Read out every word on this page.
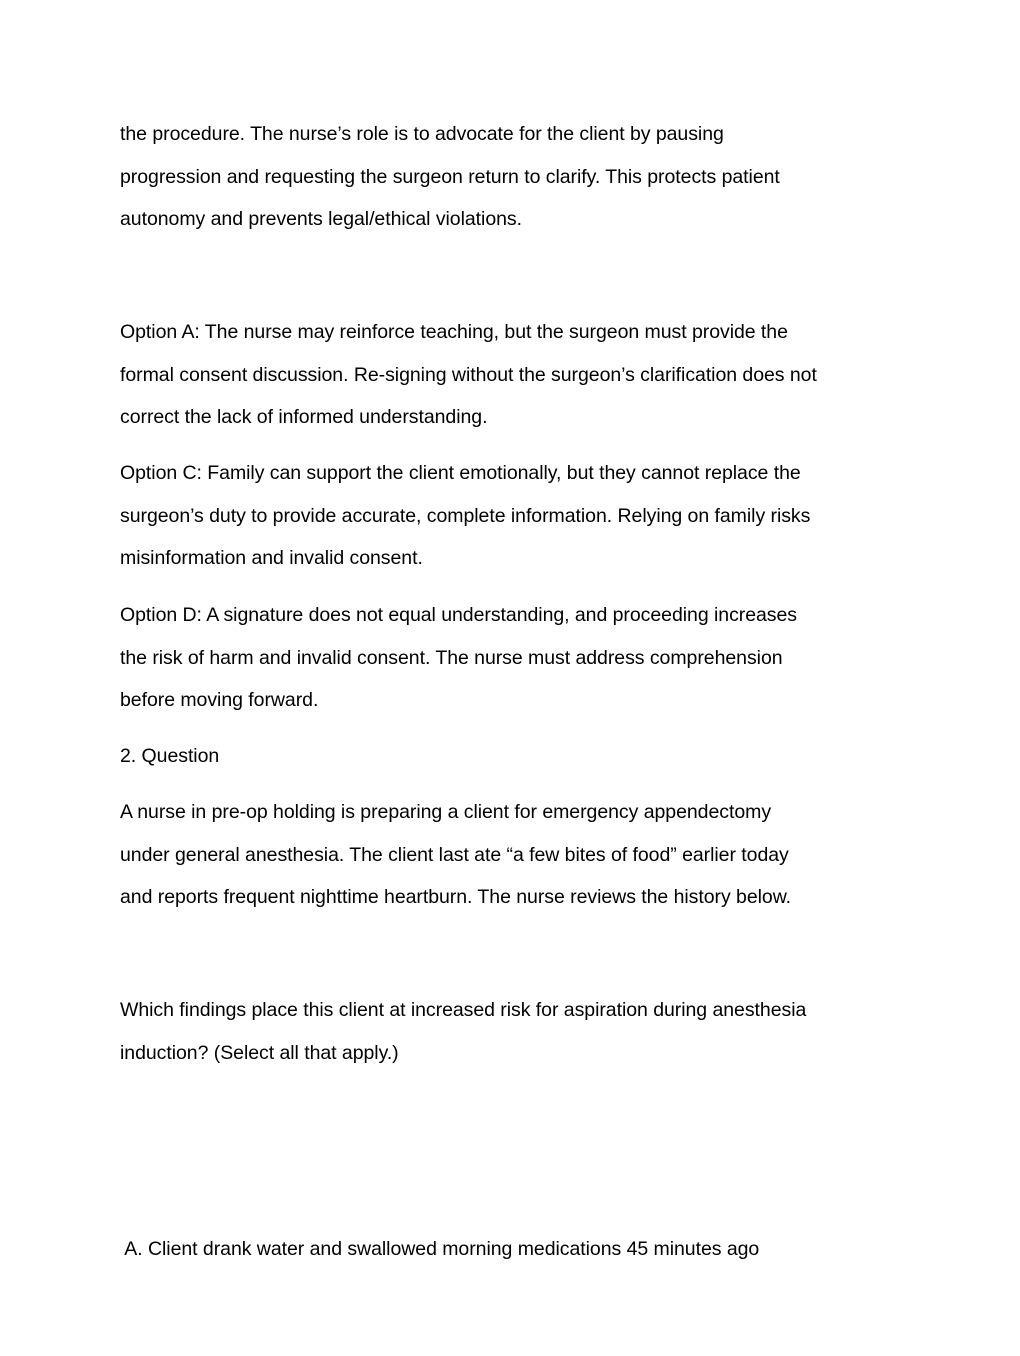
the procedure. The nurse’s role is to advocate for the client by pausing
progression and requesting the surgeon return to clarify. This protects patient
autonomy and prevents legal/ethical violations.

Option A: The nurse may reinforce teaching, but the surgeon must provide the
formal consent discussion. Re-signing without the surgeon’s clarification does not
correct the lack of informed understanding.

Option C: Family can support the client emotionally, but they cannot replace the
surgeon’s duty to provide accurate, complete information. Relying on family risks
misinformation and invalid consent.

Option D: A signature does not equal understanding, and proceeding increases
the risk of harm and invalid consent. The nurse must address comprehension
before moving forward.

2. Question

A nurse in pre-op holding is preparing a client for emergency appendectomy
under general anesthesia. The client last ate “a few bites of food” earlier today
and reports frequent nighttime heartburn. The nurse reviews the history below.

Which findings place this client at increased risk for aspiration during anesthesia
induction? (Select all that apply.)

A. Client drank water and swallowed morning medications 45 minutes ago
